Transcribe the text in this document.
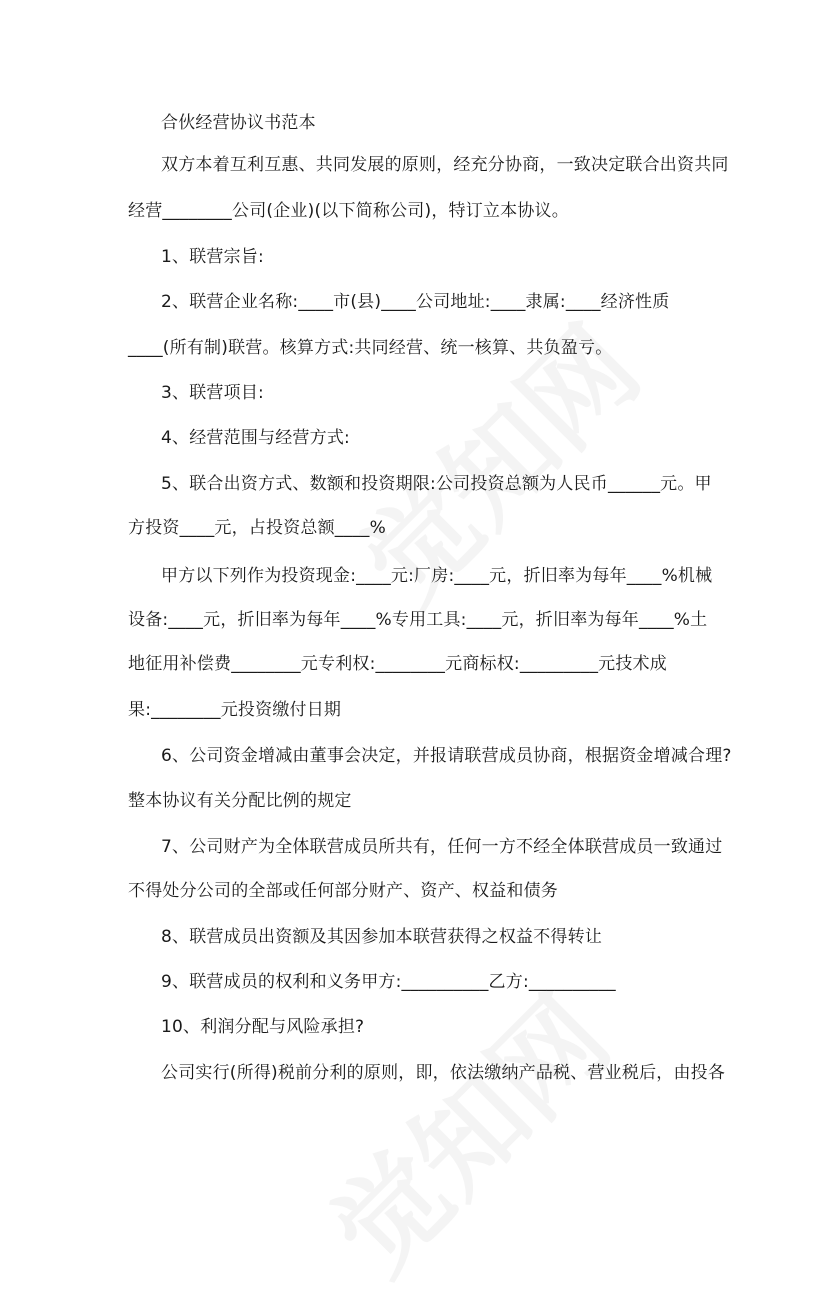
合伙经营协议书范本
双方本着互利互惠、共同发展的原则，经充分协商，一致决定联合出资共同
经营________公司(企业)(以下简称公司)，特订立本协议。
1、联营宗旨:
2、联营企业名称:____市(县)____公司地址:____隶属:____经济性质
____(所有制)联营。核算方式:共同经营、统一核算、共负盈亏。
3、联营项目:
4、经营范围与经营方式:
5、联合出资方式、数额和投资期限:公司投资总额为人民币______元。甲
方投资____元，占投资总额____%
甲方以下列作为投资现金:____元:厂房:____元，折旧率为每年____%机械
设备:____元，折旧率为每年____%专用工具:____元，折旧率为每年____%土
地征用补偿费________元专利权:________元商标权:_________元技术成
果:________元投资缴付日期
6、公司资金增减由董事会决定，并报请联营成员协商，根据资金增减合理?
整本协议有关分配比例的规定
7、公司财产为全体联营成员所共有，任何一方不经全体联营成员一致通过
不得处分公司的全部或任何部分财产、资产、权益和债务
8、联营成员出资额及其因参加本联营获得之权益不得转让
9、联营成员的权利和义务甲方:__________乙方:__________
10、利润分配与风险承担?
公司实行(所得)税前分利的原则，即，依法缴纳产品税、营业税后，由投各
